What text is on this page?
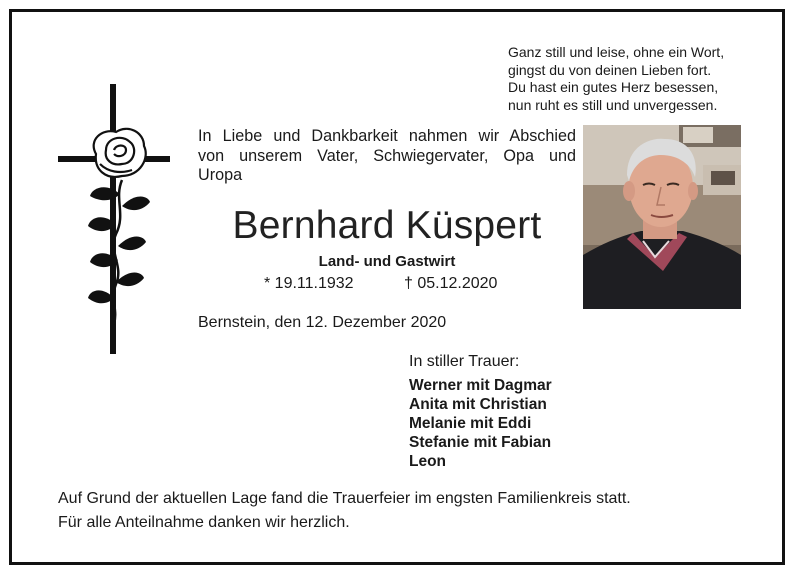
Ganz still und leise, ohne ein Wort,
gingst du von deinen Lieben fort.
Du hast ein gutes Herz besessen,
nun ruht es still und unvergessen.
In Liebe und Dankbarkeit nahmen wir Abschied
von unserem Vater, Schwiegervater, Opa und
Uropa
Bernhard Küspert
Land- und Gastwirt
* 19.11.1932	† 05.12.2020
Bernstein, den 12. Dezember 2020
In stiller Trauer:
Werner mit Dagmar
Anita mit Christian
Melanie mit Eddi
Stefanie mit Fabian
Leon
Auf Grund der aktuellen Lage fand die Trauerfeier im engsten Familienkreis statt.
Für alle Anteilnahme danken wir herzlich.
